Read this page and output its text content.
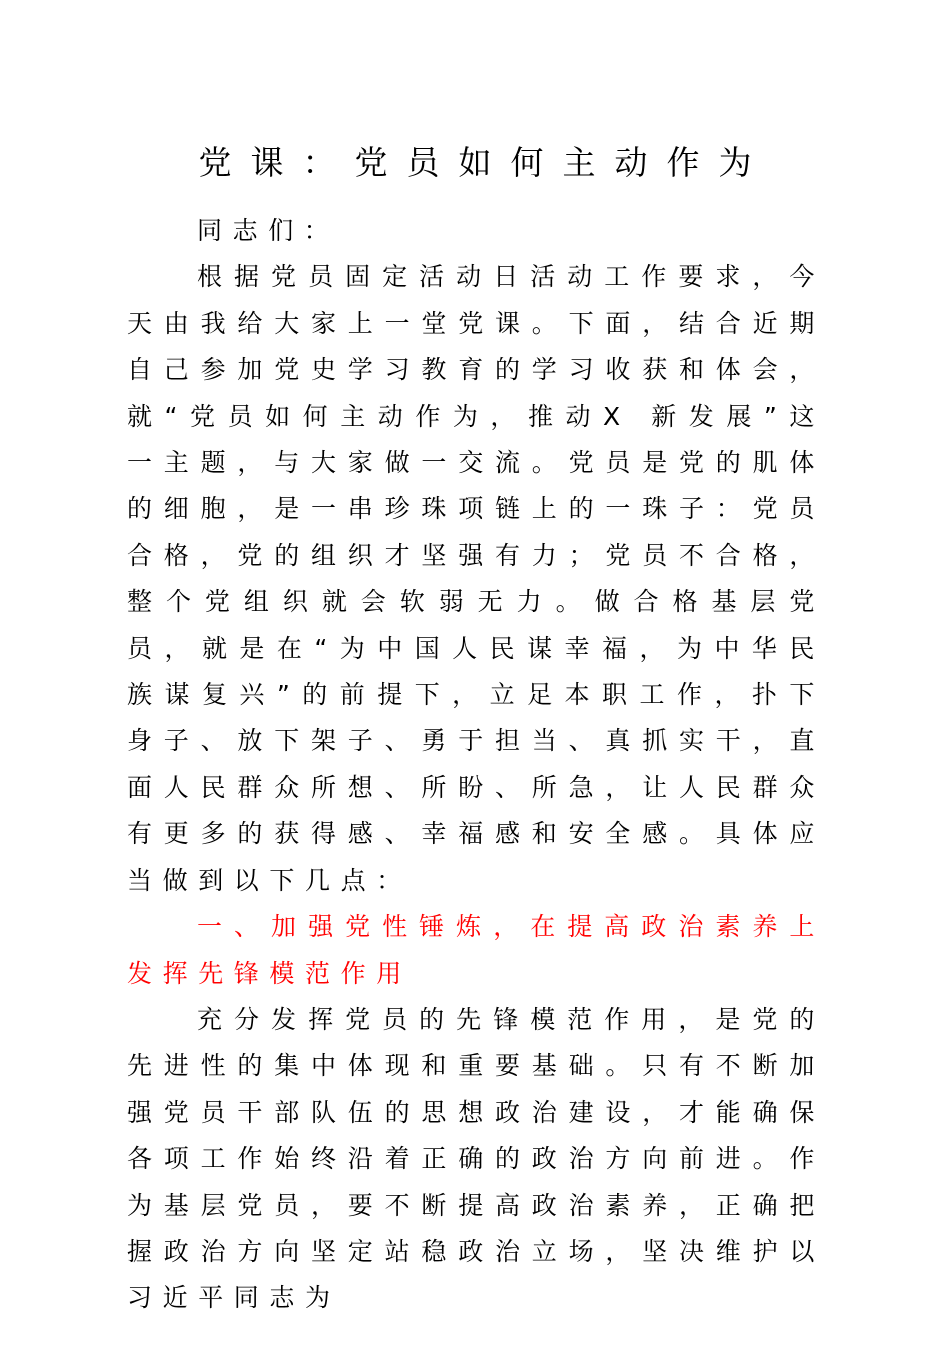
党课：党员如何主动作为

同志们：

根据党员固定活动日活动工作要求，今天由我给大家上一堂党课。下面，结合近期自己参加党史学习教育的学习收获和体会，就“党员如何主动作为，推动X 新发展”这一主题，与大家做一交流。党员是党的肌体的细胞，是一串珍珠项链上的一珠子：党员合格，党的组织才坚强有力；党员不合格，整个党组织就会软弱无力。做合格基层党员，就是在“为中国人民谋幸福，为中华民族谋复兴”的前提下，立足本职工作，扑下身子、放下架子、勇于担当、真抓实干，直面人民群众所想、所盼、所急，让人民群众有更多的获得感、幸福感和安全感。具体应当做到以下几点：

一、加强党性锤炼，在提高政治素养上发挥先锋模范作用

充分发挥党员的先锋模范作用，是党的先进性的集中体现和重要基础。只有不断加强党员干部队伍的思想政治建设，才能确保各项工作始终沿着正确的政治方向前进。作为基层党员，要不断提高政治素养，正确把握政治方向坚定站稳政治立场，坚决维护以习近平同志为
